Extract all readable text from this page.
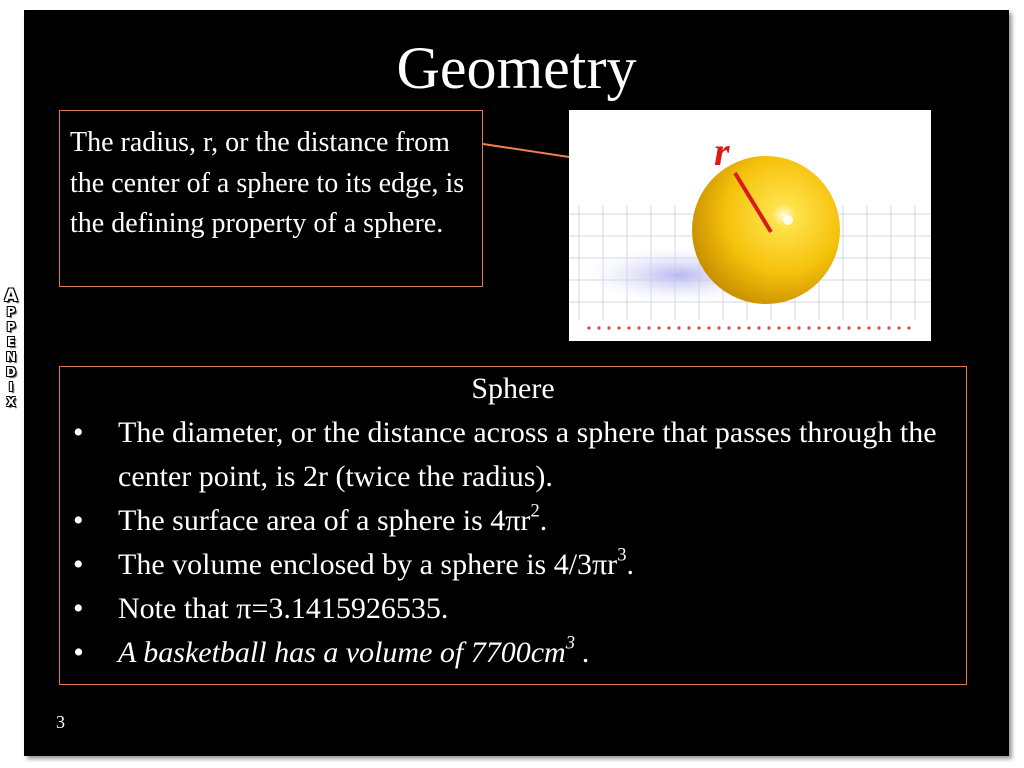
A
P
P
E
N
D
I
X
Geometry
The radius, r, or the distance from the center of a sphere to its edge, is the defining property of a sphere.
r
Sphere
• The diameter, or the distance across a sphere that passes through the center point, is 2r (twice the radius).
• The surface area of a sphere is $4\pi r^2$.
• The volume enclosed by a sphere is $4/3\pi r^3$.
• Note that π=3.1415926535.
• A basketball has a volume of $7700cm^3$ .
3
